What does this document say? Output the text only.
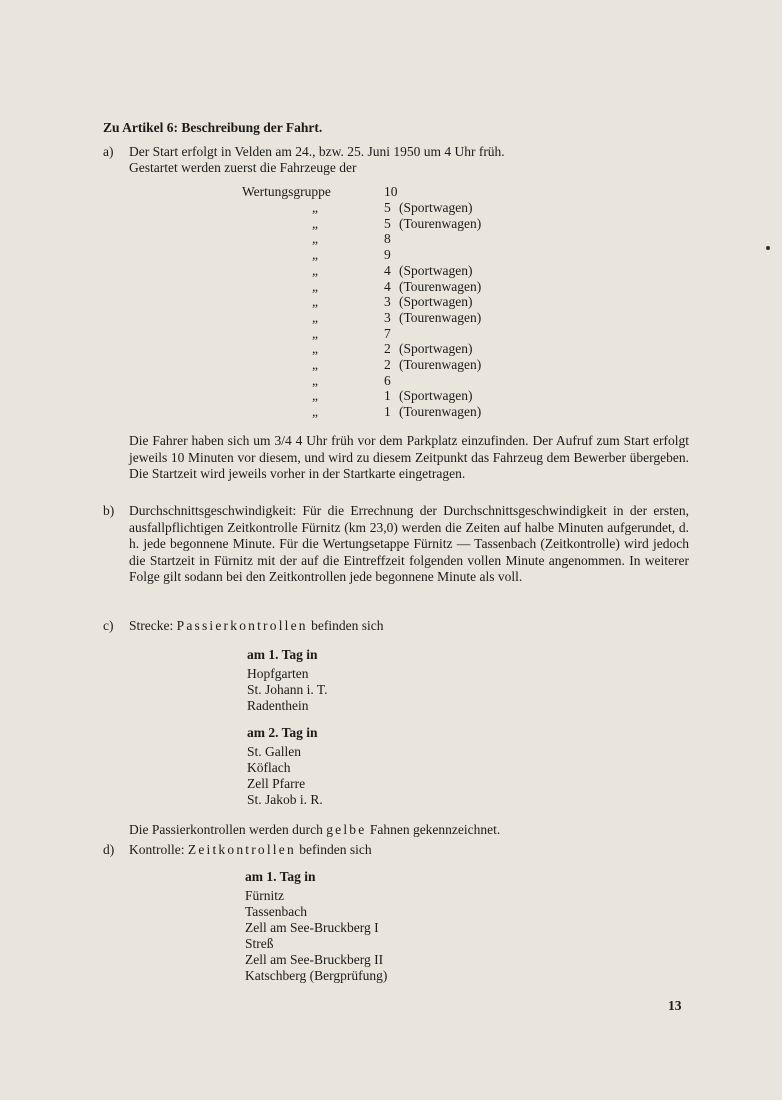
Zu Artikel 6: Beschreibung der Fahrt.
a) Der Start erfolgt in Velden am 24., bzw. 25. Juni 1950 um 4 Uhr früh.
Gestartet werden zuerst die Fahrzeuge der
Wertungsgruppe	10
„	5 (Sportwagen)
„	5 (Tourenwagen)
„	8
„	9
„	4 (Sportwagen)
„	4 (Tourenwagen)
„	3 (Sportwagen)
„	3 (Tourenwagen)
„	7
„	2 (Sportwagen)
„	2 (Tourenwagen)
„	6
„	1 (Sportwagen)
„	1 (Tourenwagen)
Die Fahrer haben sich um 3/4 4 Uhr früh vor dem Parkplatz einzufinden. Der Aufruf zum Start erfolgt jeweils 10 Minuten vor diesem, und wird zu diesem Zeitpunkt das Fahrzeug dem Bewerber übergeben. Die Startzeit wird jeweils vorher in der Startkarte eingetragen.
b) Durchschnittsgeschwindigkeit: Für die Errechnung der Durchschnittsgeschwindigkeit in der ersten, ausfallpflichtigen Zeitkontrolle Fürnitz (km 23,0) werden die Zeiten auf halbe Minuten aufgerundet, d. h. jede begonnene Minute. Für die Wertungsetappe Fürnitz — Tassenbach (Zeitkontrolle) wird jedoch die Startzeit in Fürnitz mit der auf die Eintreffzeit folgenden vollen Minute angenommen. In weiterer Folge gilt sodann bei den Zeitkontrollen jede begonnene Minute als voll.
c) Strecke: Passierkontrollen befinden sich
am 1. Tag in
Hopfgarten
St. Johann i. T.
Radenthein
am 2. Tag in
St. Gallen
Köflach
Zell Pfarre
St. Jakob i. R.
Die Passierkontrollen werden durch gelbe Fahnen gekennzeichnet.
d) Kontrolle: Zeitkontrollen befinden sich
am 1. Tag in
Fürnitz
Tassenbach
Zell am See-Bruckberg I
Streß
Zell am See-Bruckberg II
Katschberg (Bergprüfung)
13
